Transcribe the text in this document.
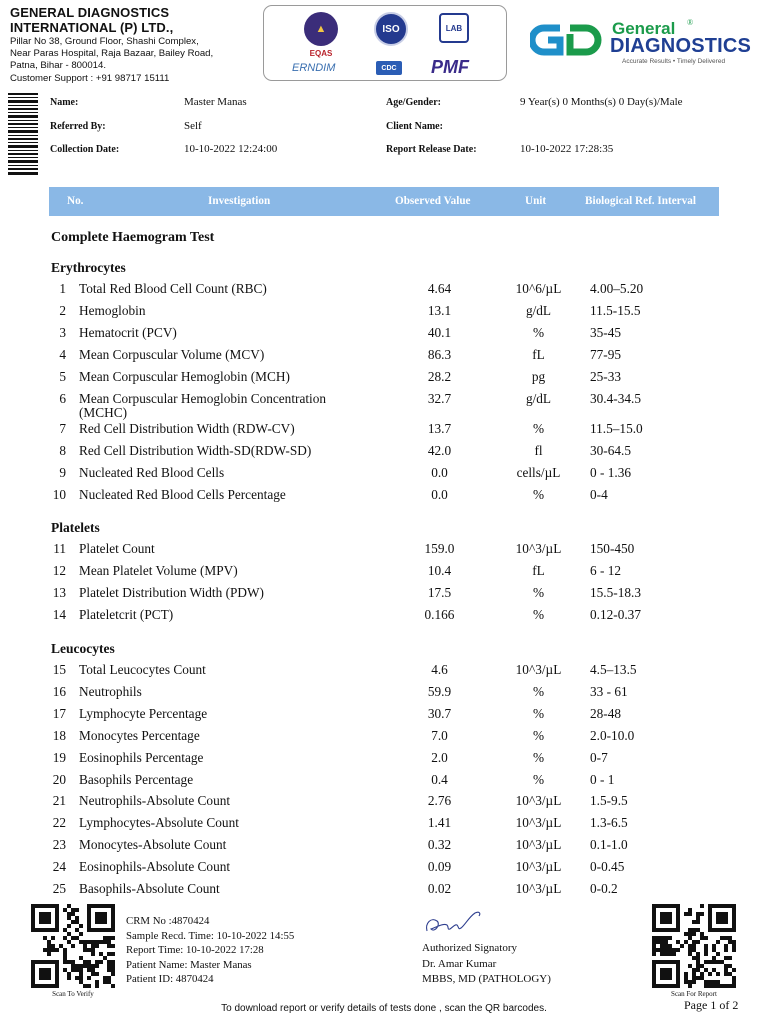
GENERAL DIAGNOSTICS
INTERNATIONAL (P) LTD.,
Pillar No 38, Ground Floor, Shashi Complex,
Near Paras Hospital, Raja Bazaar, Bailey Road,
Patna, Bihar - 800014.
Customer Support : +91 98717 15111
▲
EQAS
ISO	LAB
ERNDIM	CDC	PMF
General ®
DIAGNOSTICS
Accurate Results • Timely Delivered
Name:	Master Manas
Referred By:	Self
Collection Date:	10-10-2022 12:24:00
Age/Gender:	9 Year(s) 0 Months(s) 0 Day(s)/Male
Client Name:
Report Release Date:	10-10-2022 17:28:35
No.	Investigation	Observed Value	Unit	Biological Ref. Interval
Complete Haemogram Test
Erythrocytes
1 Total Red Blood Cell Count (RBC)	4.64	10^6/µL	4.00–5.20
2 Hemoglobin	13.1	g/dL	11.5-15.5
3 Hematocrit (PCV)	40.1	%	35-45
4 Mean Corpuscular Volume (MCV)	86.3	fL	77-95
5 Mean Corpuscular Hemoglobin (MCH)	28.2	pg	25-33
6 Mean Corpuscular Hemoglobin Concentration (MCHC)
32.7	g/dL	30.4-34.5
7 Red Cell Distribution Width (RDW-CV)	13.7	%	11.5–15.0
8 Red Cell Distribution Width-SD(RDW-SD)	42.0	fl	30-64.5
9 Nucleated Red Blood Cells	0.0	cells/µL	0 - 1.36
10 Nucleated Red Blood Cells Percentage	0.0	%	0-4
Platelets
11 Platelet Count	159.0	10^3/µL	150-450
12 Mean Platelet Volume (MPV)	10.4	fL	6 - 12
13 Platelet Distribution Width (PDW)	17.5	%	15.5-18.3
14 Plateletcrit (PCT)	0.166	%	0.12-0.37
Leucocytes
15 Total Leucocytes Count	4.6	10^3/µL	4.5–13.5
16 Neutrophils	59.9	%	33 - 61
17 Lymphocyte Percentage	30.7	%	28-48
18 Monocytes Percentage	7.0	%	2.0-10.0
19 Eosinophils Percentage	2.0	%	0-7
20 Basophils Percentage	0.4	%	0 - 1
21 Neutrophils-Absolute Count	2.76	10^3/µL	1.5-9.5
22 Lymphocytes-Absolute Count	1.41	10^3/µL	1.3-6.5
23 Monocytes-Absolute Count	0.32	10^3/µL	0.1-1.0
24 Eosinophils-Absolute Count	0.09	10^3/µL	0-0.45
25 Basophils-Absolute Count	0.02	10^3/µL	0-0.2
Scan To Verify
CRM No :4870424
Sample Recd. Time: 10-10-2022 14:55
Report Time: 10-10-2022 17:28
Patient Name: Master Manas
Patient ID: 4870424
Authorized Signatory
Dr. Amar Kumar
MBBS, MD (PATHOLOGY)
Scan For Report
To download report or verify details of tests done , scan the QR barcodes.	Page 1 of 2
